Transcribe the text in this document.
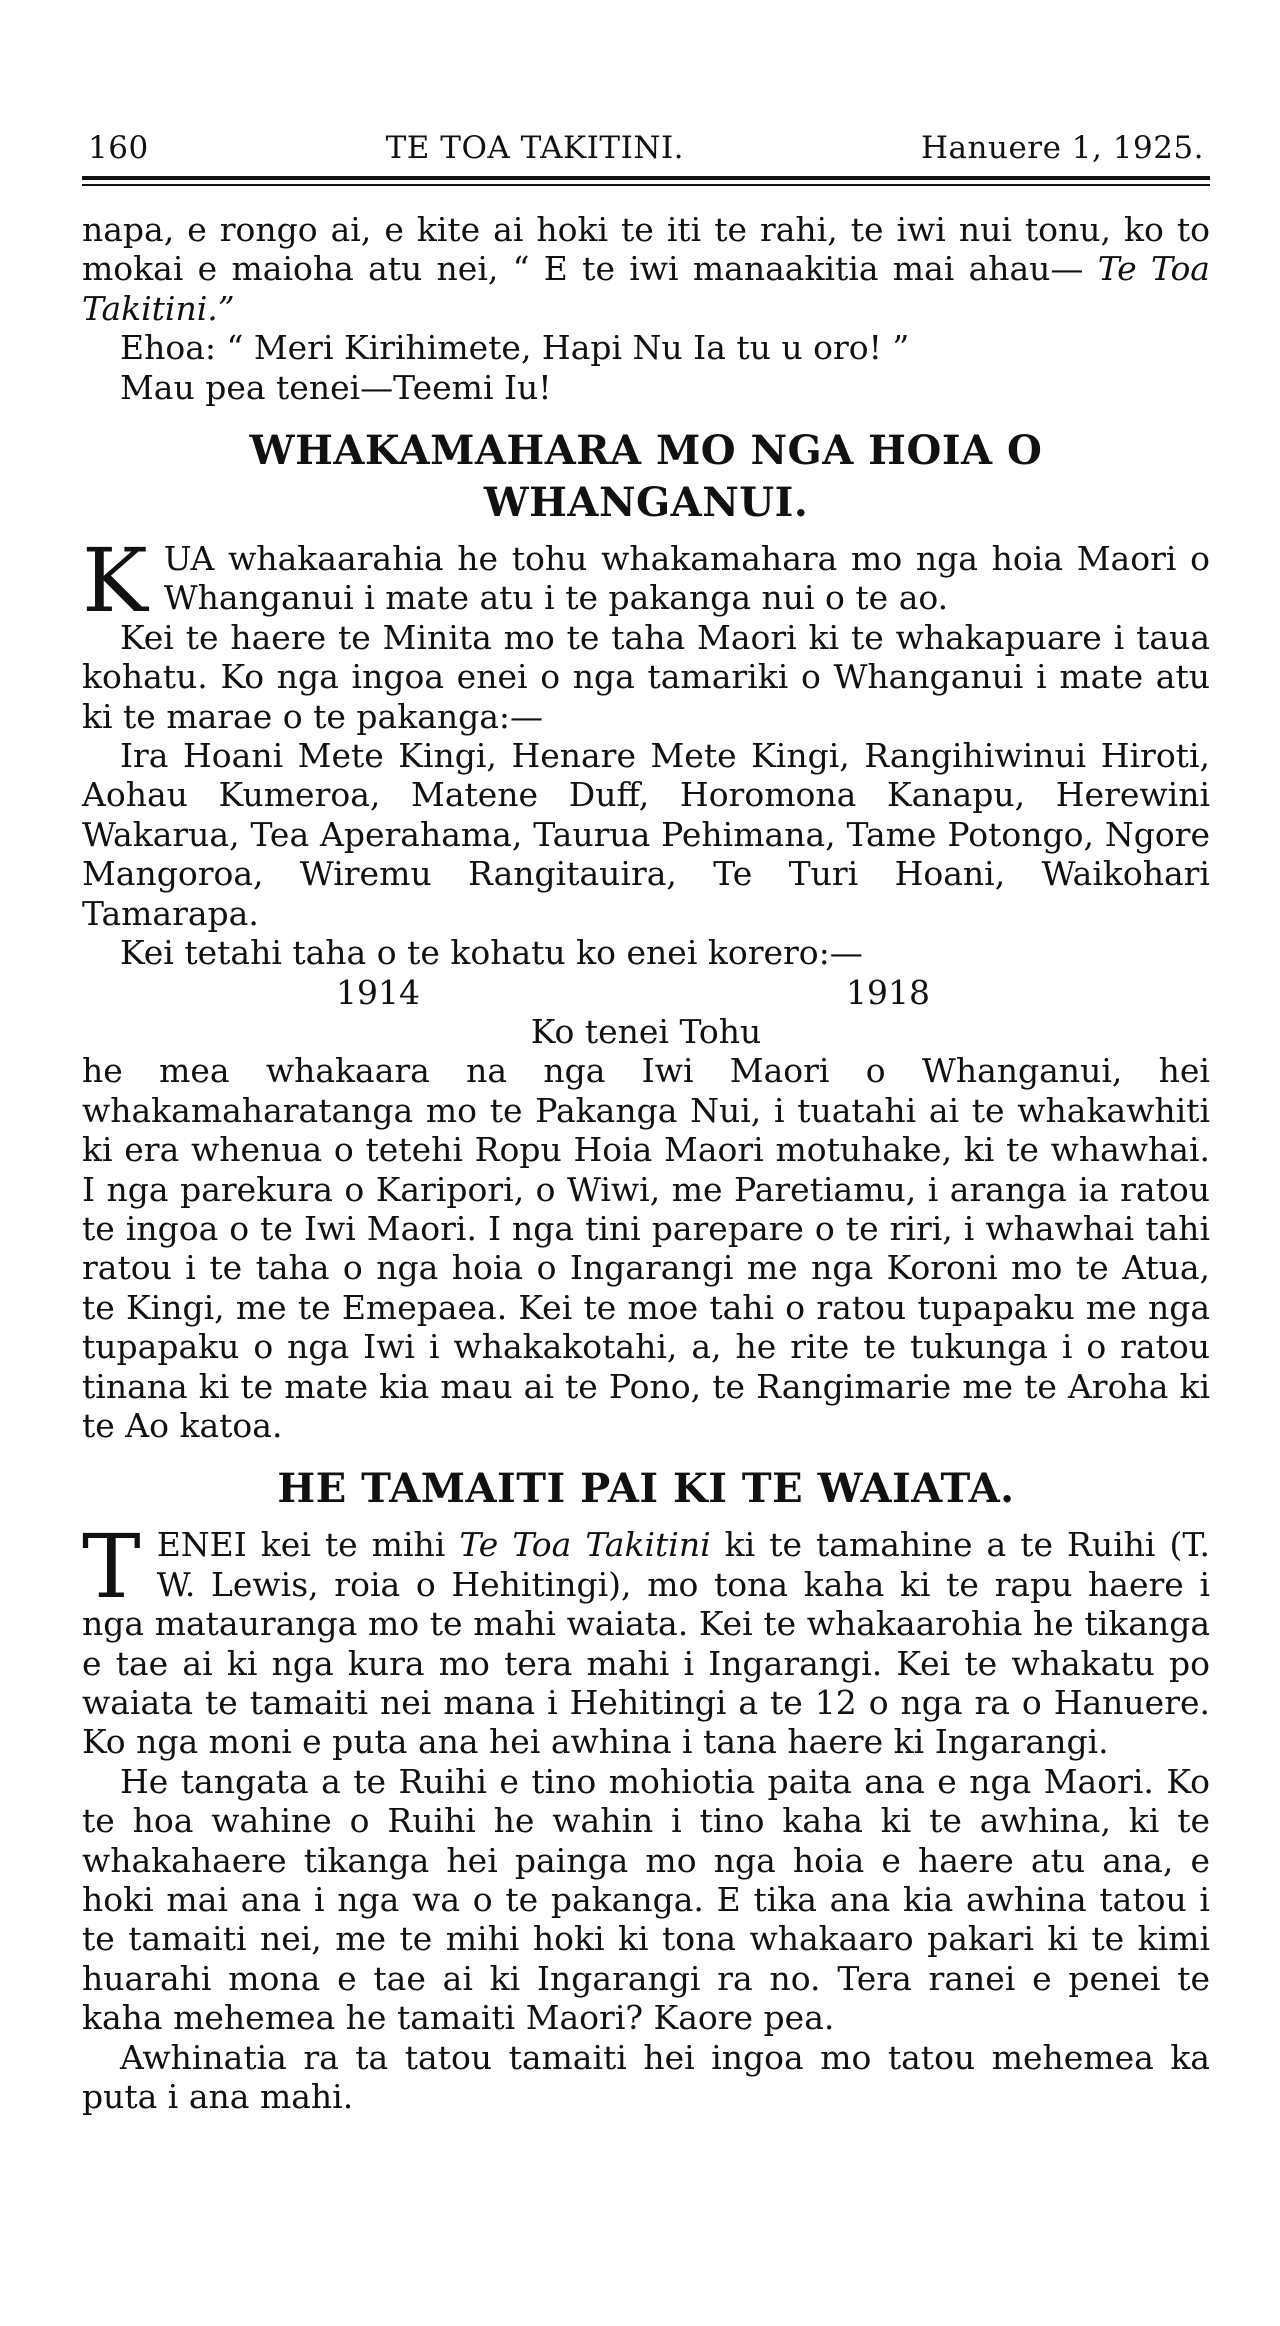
160	TE TOA TAKITINI.	Hanuere 1, 1925.

napa, e rongo ai, e kite ai hoki te iti te rahi, te iwi nui tonu, ko to mokai e maioha atu nei, “ E te iwi manaakitia mai ahau— Te Toa Takitini.”

Ehoa: “ Meri Kirihimete, Hapi Nu Ia tu u oro! ”

Mau pea tenei—Teemi Iu!

WHAKAMAHARA MO NGA HOIA O WHANGANUI.

K UA whakaarahia he tohu whakamahara mo nga hoia Maori o Whanganui i mate atu i te pakanga nui o te ao.

Kei te haere te Minita mo te taha Maori ki te whakapuare i taua kohatu. Ko nga ingoa enei o nga tamariki o Whanganui i mate atu ki te marae o te pakanga:—

Ira Hoani Mete Kingi, Henare Mete Kingi, Rangihiwinui Hiroti, Aohau Kumeroa, Matene Duff, Horomona Kanapu, Herewini Wakarua, Tea Aperahama, Taurua Pehimana, Tame Potongo, Ngore Mangoroa, Wiremu Rangitauira, Te Turi Hoani, Waikohari Tamarapa.

Kei tetahi taha o te kohatu ko enei korero:—

1914	1918

Ko tenei Tohu

he mea whakaara na nga Iwi Maori o Whanganui, hei whakamaharatanga mo te Pakanga Nui, i tuatahi ai te whakawhiti ki era whenua o tetehi Ropu Hoia Maori motuhake, ki te whawhai. I nga parekura o Karipori, o Wiwi, me Paretiamu, i aranga ia ratou te ingoa o te Iwi Maori. I nga tini parepare o te riri, i whawhai tahi ratou i te taha o nga hoia o Ingarangi me nga Koroni mo te Atua, te Kingi, me te Emepaea. Kei te moe tahi o ratou tupapaku me nga tupapaku o nga Iwi i whakakotahi, a, he rite te tukunga i o ratou tinana ki te mate kia mau ai te Pono, te Rangimarie me te Aroha ki te Ao katoa.

HE TAMAITI PAI KI TE WAIATA.

T ENEI kei te mihi Te Toa Takitini ki te tamahine a te Ruihi (T. W. Lewis, roia o Hehitingi), mo tona kaha ki te rapu haere i nga matauranga mo te mahi waiata. Kei te whakaarohia he tikanga e tae ai ki nga kura mo tera mahi i Ingarangi. Kei te whakatu po waiata te tamaiti nei mana i Hehitingi a te 12 o nga ra o Hanuere. Ko nga moni e puta ana hei awhina i tana haere ki Ingarangi.

He tangata a te Ruihi e tino mohiotia paita ana e nga Maori. Ko te hoa wahine o Ruihi he wahin i tino kaha ki te awhina, ki te whakahaere tikanga hei painga mo nga hoia e haere atu ana, e hoki mai ana i nga wa o te pakanga. E tika ana kia awhina tatou i te tamaiti nei, me te mihi hoki ki tona whakaaro pakari ki te kimi huarahi mona e tae ai ki Ingarangi ra no. Tera ranei e penei te kaha mehemea he tamaiti Maori? Kaore pea.

Awhinatia ra ta tatou tamaiti hei ingoa mo tatou mehemea ka puta i ana mahi.
